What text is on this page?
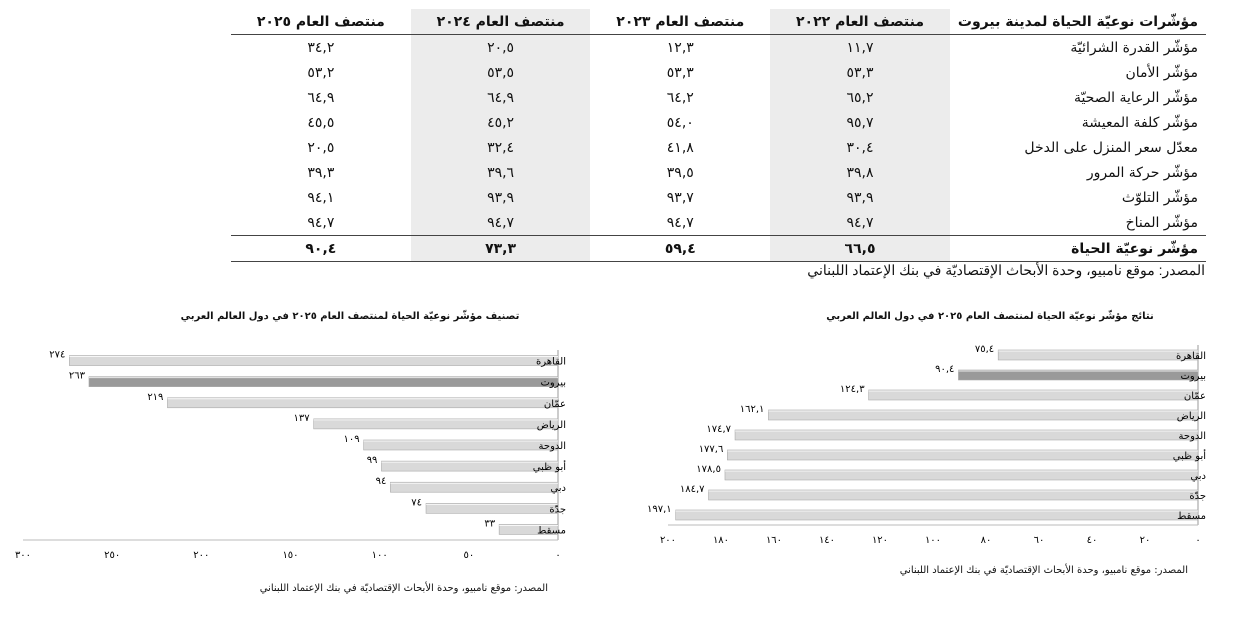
مؤشّرات نوعيّة الحياة لمدينة بيروت	منتصف العام ٢٠٢٢	منتصف العام ٢٠٢٣	منتصف العام ٢٠٢٤	منتصف العام ٢٠٢٥
مؤشّر القدرة الشرائيّة	١١,٧	١٢,٣	٢٠,٥	٣٤,٢
مؤشّر الأمان	٥٣,٣	٥٣,٣	٥٣,٥	٥٣,٢
مؤشّر الرعاية الصحيّة	٦٥,٢	٦٤,٢	٦٤,٩	٦٤,٩
مؤشّر كلفة المعيشة	٩٥,٧	٥٤,٠	٤٥,٢	٤٥,٥
معدّل سعر المنزل على الدخل	٣٠,٤	٤١,٨	٣٢,٤	٢٠,٥
مؤشّر حركة المرور	٣٩,٨	٣٩,٥	٣٩,٦	٣٩,٣
مؤشّر التلوّث	٩٣,٩	٩٣,٧	٩٣,٩	٩٤,١
مؤشّر المناخ	٩٤,٧	٩٤,٧	٩٤,٧	٩٤,٧
مؤشّر نوعيّة الحياة	٦٦,٥	٥٩,٤	٧٣,٣	٩٠,٤
المصدر: موقع نامبيو، وحدة الأبحاث الإقتصاديّة في بنك الإعتماد اللبناني
نتائج مؤشّر نوعيّة الحياة لمنتصف العام ٢٠٢٥ في دول العالم العربي
القاهرة
٧٥,٤
بيروت
٩٠,٤
عمّان
١٢٤,٣
الرياض
١٦٢,١
الدوحة
١٧٤,٧
أبو ظبي
١٧٧,٦
دبي
١٧٨,٥
جدّة
١٨٤,٧
مسقط
١٩٧,١
٠
٢٠
٤٠
٦٠
٨٠
١٠٠
١٢٠
١٤٠
١٦٠
١٨٠
٢٠٠
المصدر: موقع نامبيو، وحدة الأبحاث الإقتصاديّة في بنك الإعتماد اللبناني
تصنيف مؤشّر نوعيّة الحياة لمنتصف العام ٢٠٢٥ في دول العالم العربي
القاهرة
٢٧٤
بيروت
٢٦٣
عمّان
٢١٩
الرياض
١٣٧
الدوحة
١٠٩
أبو ظبي
٩٩
دبي
٩٤
جدّة
٧٤
مسقط
٣٣
٠
٥٠
١٠٠
١٥٠
٢٠٠
٢٥٠
٣٠٠
المصدر: موقع نامبيو، وحدة الأبحاث الإقتصاديّة في بنك الإعتماد اللبناني
